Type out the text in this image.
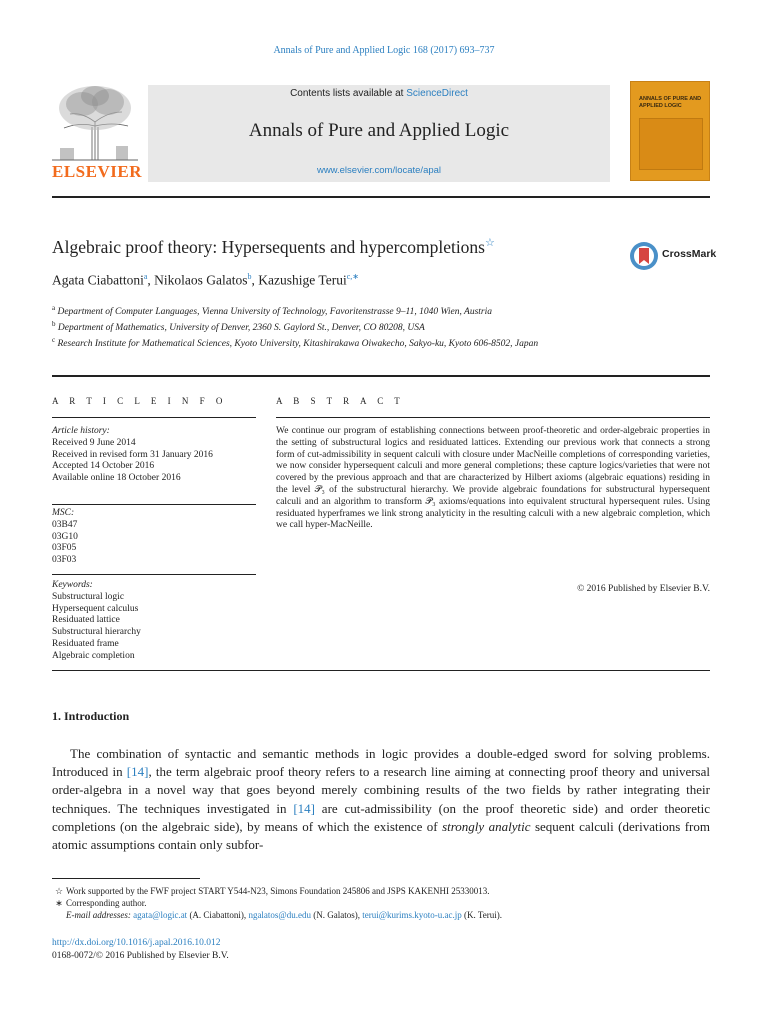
Annals of Pure and Applied Logic 168 (2017) 693–737
ELSEVIER
Contents lists available at ScienceDirect
Annals of Pure and Applied Logic
www.elsevier.com/locate/apal
ANNALS OF PURE AND APPLIED LOGIC
Algebraic proof theory: Hypersequents and hypercompletions☆
CrossMark
Agata Ciabattoni$^a$, Nikolaos Galatos$^b$, Kazushige Terui$^{c,∗}$
$^a$ Department of Computer Languages, Vienna University of Technology, Favoritenstrasse 9–11, 1040 Wien, Austria
$^b$ Department of Mathematics, University of Denver, 2360 S. Gaylord St., Denver, CO 80208, USA
$^c$ Research Institute for Mathematical Sciences, Kyoto University, Kitashirakawa Oiwakecho, Sakyo-ku, Kyoto 606-8502, Japan
A R T I C L E I N F O
Article history:
Received 9 June 2014
Received in revised form 31 January 2016
Accepted 14 October 2016
Available online 18 October 2016
MSC:
03B47
03G10
03F05
03F03
Keywords:
Substructural logic
Hypersequent calculus
Residuated lattice
Substructural hierarchy
Residuated frame
Algebraic completion
A B S T R A C T
We continue our program of establishing connections between proof-theoretic and order-algebraic properties in the setting of substructural logics and residuated lattices. Extending our previous work that connects a strong form of cut-admissibility in sequent calculi with closure under MacNeille completions of corresponding varieties, we now consider hypersequent calculi and more general completions; these capture logics/varieties that were not covered by the previous approach and that are characterized by Hilbert axioms (algebraic equations) residing in the level 𝒫₃ of the substructural hierarchy. We provide algebraic foundations for substructural hypersequent calculi and an algorithm to transform 𝒫₃ axioms/equations into equivalent structural hypersequent rules. Using residuated hyperframes we link strong analyticity in the resulting calculi with a new algebraic completion, which we call hyper-MacNeille.
© 2016 Published by Elsevier B.V.
1. Introduction
The combination of syntactic and semantic methods in logic provides a double-edged sword for solving problems. Introduced in [14], the term algebraic proof theory refers to a research line aiming at connecting proof theory and universal order-algebra in a novel way that goes beyond merely combining results of the two fields by rather integrating their techniques. The techniques investigated in [14] are cut-admissibility (on the proof theoretic side) and order theoretic completions (on the algebraic side), by means of which the existence of strongly analytic sequent calculi (derivations from atomic assumptions contain only subfor-
☆ Work supported by the FWF project START Y544-N23, Simons Foundation 245806 and JSPS KAKENHI 25330013.
∗ Corresponding author.
E-mail addresses: agata@logic.at (A. Ciabattoni), ngalatos@du.edu (N. Galatos), terui@kurims.kyoto-u.ac.jp (K. Terui).
http://dx.doi.org/10.1016/j.apal.2016.10.012
0168-0072/© 2016 Published by Elsevier B.V.
